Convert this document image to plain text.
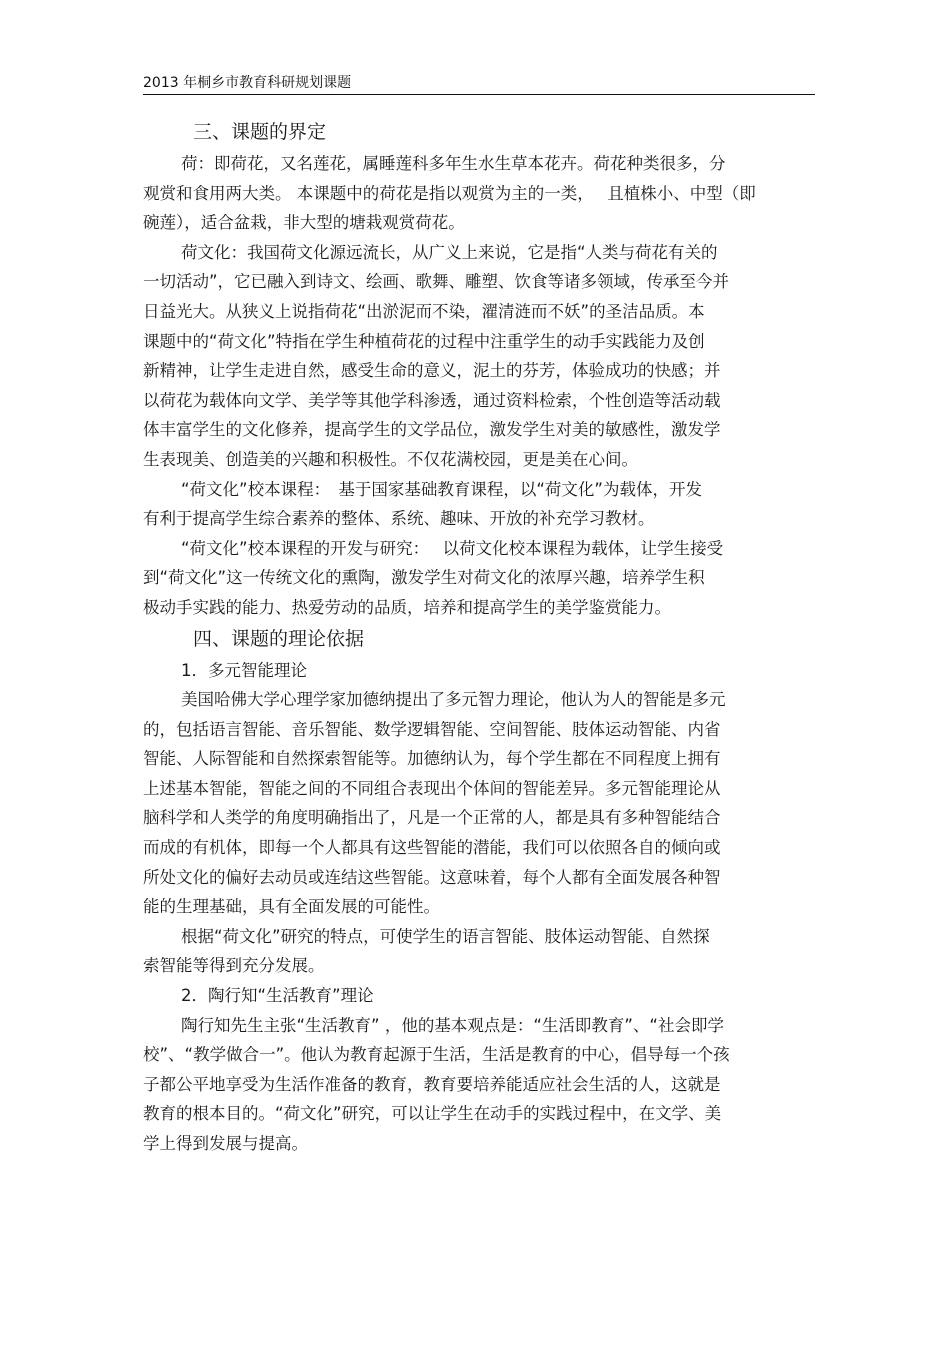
2013 年桐乡市教育科研规划课题
三、课题的界定
荷：即荷花，又名莲花，属睡莲科多年生水生草本花卉。荷花种类很多，分
观赏和食用两大类。 本课题中的荷花是指以观赏为主的一类，　 且植株小、中型（即
碗莲），适合盆栽，非大型的塘栽观赏荷花。
荷文化：我国荷文化源远流长，从广义上来说，它是指“人类与荷花有关的
一切活动”，它已融入到诗文、绘画、歌舞、雕塑、饮食等诸多领域，传承至今并
日益光大。从狭义上说指荷花“出淤泥而不染，濯清涟而不妖”的圣洁品质。本
课题中的“荷文化”特指在学生种植荷花的过程中注重学生的动手实践能力及创
新精神，让学生走进自然，感受生命的意义，泥土的芬芳，体验成功的快感；并
以荷花为载体向文学、美学等其他学科渗透，通过资料检索，个性创造等活动载
体丰富学生的文化修养，提高学生的文学品位，激发学生对美的敏感性，激发学
生表现美、创造美的兴趣和积极性。不仅花满校园，更是美在心间。
“荷文化”校本课程：　基于国家基础教育课程，以“荷文化”为载体，开发
有利于提高学生综合素养的整体、系统、趣味、开放的补充学习教材。
“荷文化”校本课程的开发与研究：　 以荷文化校本课程为载体，让学生接受
到“荷文化”这一传统文化的熏陶，激发学生对荷文化的浓厚兴趣，培养学生积
极动手实践的能力、热爱劳动的品质，培养和提高学生的美学鉴赏能力。
四、课题的理论依据
1．多元智能理论
美国哈佛大学心理学家加德纳提出了多元智力理论，他认为人的智能是多元
的，包括语言智能、音乐智能、数学逻辑智能、空间智能、肢体运动智能、内省
智能、人际智能和自然探索智能等。加德纳认为，每个学生都在不同程度上拥有
上述基本智能，智能之间的不同组合表现出个体间的智能差异。多元智能理论从
脑科学和人类学的角度明确指出了，凡是一个正常的人，都是具有多种智能结合
而成的有机体，即每一个人都具有这些智能的潜能，我们可以依照各自的倾向或
所处文化的偏好去动员或连结这些智能。这意味着，每个人都有全面发展各种智
能的生理基础，具有全面发展的可能性。
根据“荷文化”研究的特点，可使学生的语言智能、肢体运动智能、自然探
索智能等得到充分发展。
2．陶行知“生活教育”理论
陶行知先生主张“生活教育” ，他的基本观点是：“生活即教育”、“社会即学
校”、“教学做合一”。他认为教育起源于生活，生活是教育的中心，倡导每一个孩
子都公平地享受为生活作准备的教育，教育要培养能适应社会生活的人，这就是
教育的根本目的。“荷文化”研究，可以让学生在动手的实践过程中，在文学、美
学上得到发展与提高。
